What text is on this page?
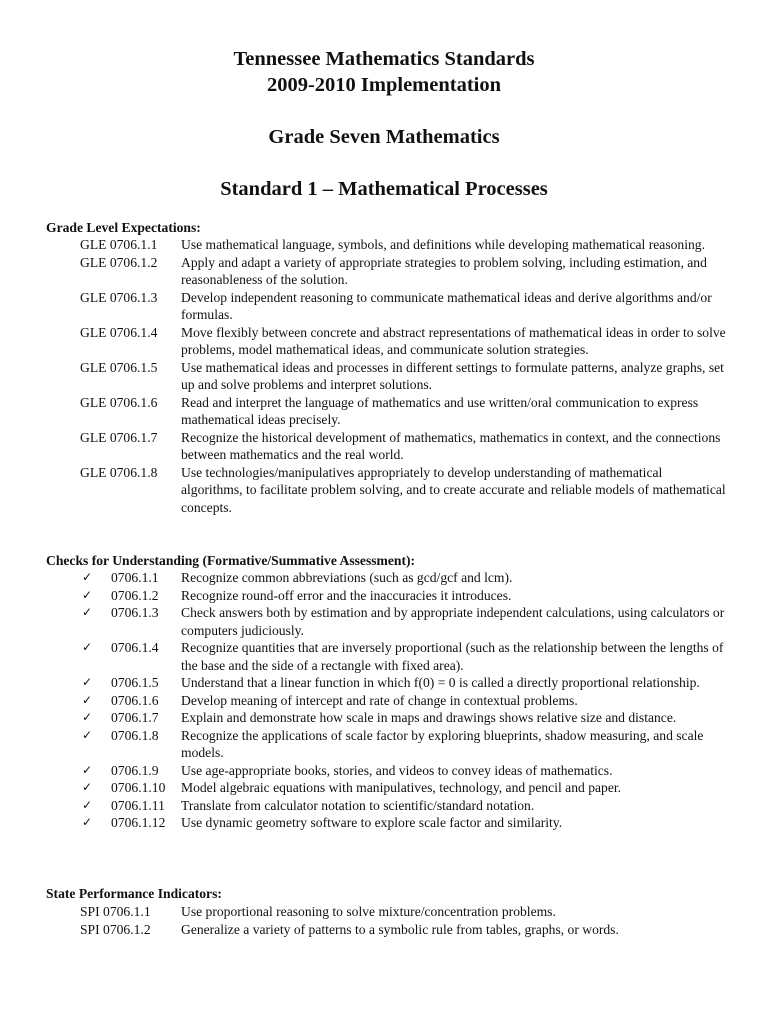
Tennessee Mathematics Standards
2009-2010 Implementation
Grade Seven Mathematics
Standard 1 – Mathematical Processes
Grade Level Expectations:
GLE 0706.1.1 Use mathematical language, symbols, and definitions while developing mathematical reasoning.
GLE 0706.1.2 Apply and adapt a variety of appropriate strategies to problem solving, including estimation, and reasonableness of the solution.
GLE 0706.1.3 Develop independent reasoning to communicate mathematical ideas and derive algorithms and/or formulas.
GLE 0706.1.4 Move flexibly between concrete and abstract representations of mathematical ideas in order to solve problems, model mathematical ideas, and communicate solution strategies.
GLE 0706.1.5 Use mathematical ideas and processes in different settings to formulate patterns, analyze graphs, set up and solve problems and interpret solutions.
GLE 0706.1.6 Read and interpret the language of mathematics and use written/oral communication to express mathematical ideas precisely.
GLE 0706.1.7 Recognize the historical development of mathematics, mathematics in context, and the connections between mathematics and the real world.
GLE 0706.1.8 Use technologies/manipulatives appropriately to develop understanding of mathematical algorithms, to facilitate problem solving, and to create accurate and reliable models of mathematical concepts.
Checks for Understanding (Formative/Summative Assessment):
✓ 0706.1.1 Recognize common abbreviations (such as gcd/gcf and lcm).
✓ 0706.1.2 Recognize round-off error and the inaccuracies it introduces.
✓ 0706.1.3 Check answers both by estimation and by appropriate independent calculations, using calculators or computers judiciously.
✓ 0706.1.4 Recognize quantities that are inversely proportional (such as the relationship between the lengths of the base and the side of a rectangle with fixed area).
✓ 0706.1.5 Understand that a linear function in which f(0) = 0 is called a directly proportional relationship.
✓ 0706.1.6 Develop meaning of intercept and rate of change in contextual problems.
✓ 0706.1.7 Explain and demonstrate how scale in maps and drawings shows relative size and distance.
✓ 0706.1.8 Recognize the applications of scale factor by exploring blueprints, shadow measuring, and scale models.
✓ 0706.1.9 Use age-appropriate books, stories, and videos to convey ideas of mathematics.
✓ 0706.1.10 Model algebraic equations with manipulatives, technology, and pencil and paper.
✓ 0706.1.11 Translate from calculator notation to scientific/standard notation.
✓ 0706.1.12 Use dynamic geometry software to explore scale factor and similarity.
State Performance Indicators:
SPI 0706.1.1 Use proportional reasoning to solve mixture/concentration problems.
SPI 0706.1.2 Generalize a variety of patterns to a symbolic rule from tables, graphs, or words.
